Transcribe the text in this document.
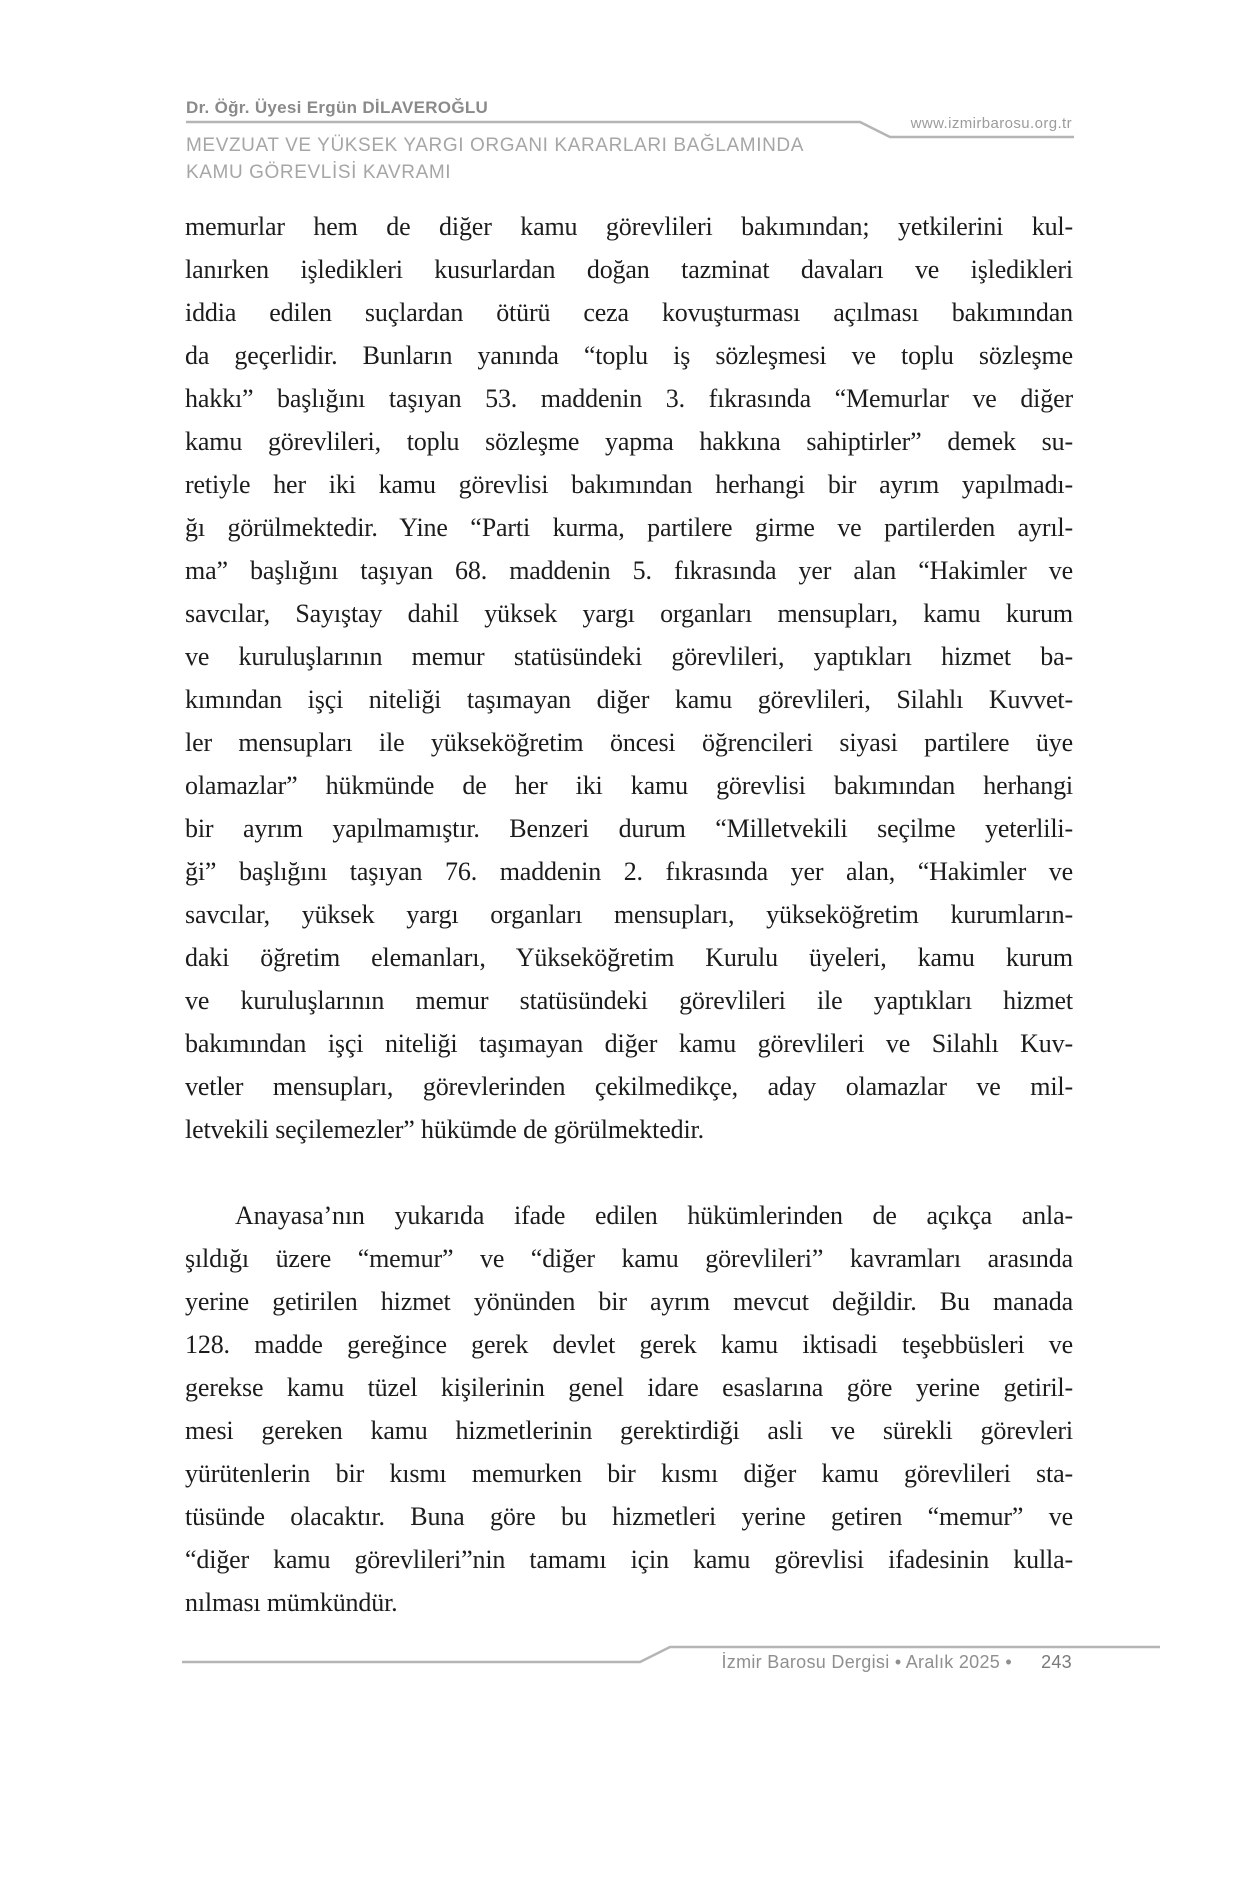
Dr. Öğr. Üyesi Ergün DİLAVEROĞLU
www.izmirbarosu.org.tr
MEVZUAT VE YÜKSEK YARGI ORGANI KARARLARI BAĞLAMINDA
KAMU GÖREVLİSİ KAVRAMI
memurlar hem de diğer kamu görevlileri bakımından; yetkilerini kul-
lanırken işledikleri kusurlardan doğan tazminat davaları ve işledikleri
iddia edilen suçlardan ötürü ceza kovuşturması açılması bakımından
da geçerlidir. Bunların yanında “toplu iş sözleşmesi ve toplu sözleşme
hakkı” başlığını taşıyan 53. maddenin 3. fıkrasında “Memurlar ve diğer
kamu görevlileri, toplu sözleşme yapma hakkına sahiptirler” demek su-
retiyle her iki kamu görevlisi bakımından herhangi bir ayrım yapılmadı-
ğı görülmektedir. Yine “Parti kurma, partilere girme ve partilerden ayrıl-
ma” başlığını taşıyan 68. maddenin 5. fıkrasında yer alan “Hakimler ve
savcılar, Sayıştay dahil yüksek yargı organları mensupları, kamu kurum
ve kuruluşlarının memur statüsündeki görevlileri, yaptıkları hizmet ba-
kımından işçi niteliği taşımayan diğer kamu görevlileri, Silahlı Kuvvet-
ler mensupları ile yükseköğretim öncesi öğrencileri siyasi partilere üye
olamazlar” hükmünde de her iki kamu görevlisi bakımından herhangi
bir ayrım yapılmamıştır. Benzeri durum “Milletvekili seçilme yeterlili-
ği” başlığını taşıyan 76. maddenin 2. fıkrasında yer alan, “Hakimler ve
savcılar, yüksek yargı organları mensupları, yükseköğretim kurumların-
daki öğretim elemanları, Yükseköğretim Kurulu üyeleri, kamu kurum
ve kuruluşlarının memur statüsündeki görevlileri ile yaptıkları hizmet
bakımından işçi niteliği taşımayan diğer kamu görevlileri ve Silahlı Kuv-
vetler mensupları, görevlerinden çekilmedikçe, aday olamazlar ve mil-
letvekili seçilemezler” hükümde de görülmektedir.
Anayasa’nın yukarıda ifade edilen hükümlerinden de açıkça anla-
şıldığı üzere “memur” ve “diğer kamu görevlileri” kavramları arasında
yerine getirilen hizmet yönünden bir ayrım mevcut değildir. Bu manada
128. madde gereğince gerek devlet gerek kamu iktisadi teşebbüsleri ve
gerekse kamu tüzel kişilerinin genel idare esaslarına göre yerine getiril-
mesi gereken kamu hizmetlerinin gerektirdiği asli ve sürekli görevleri
yürütenlerin bir kısmı memurken bir kısmı diğer kamu görevlileri sta-
tüsünde olacaktır. Buna göre bu hizmetleri yerine getiren “memur” ve
“diğer kamu görevlileri”nin tamamı için kamu görevlisi ifadesinin kulla-
nılması mümkündür.
İzmir Barosu Dergisi • Aralık 2025 • 243
